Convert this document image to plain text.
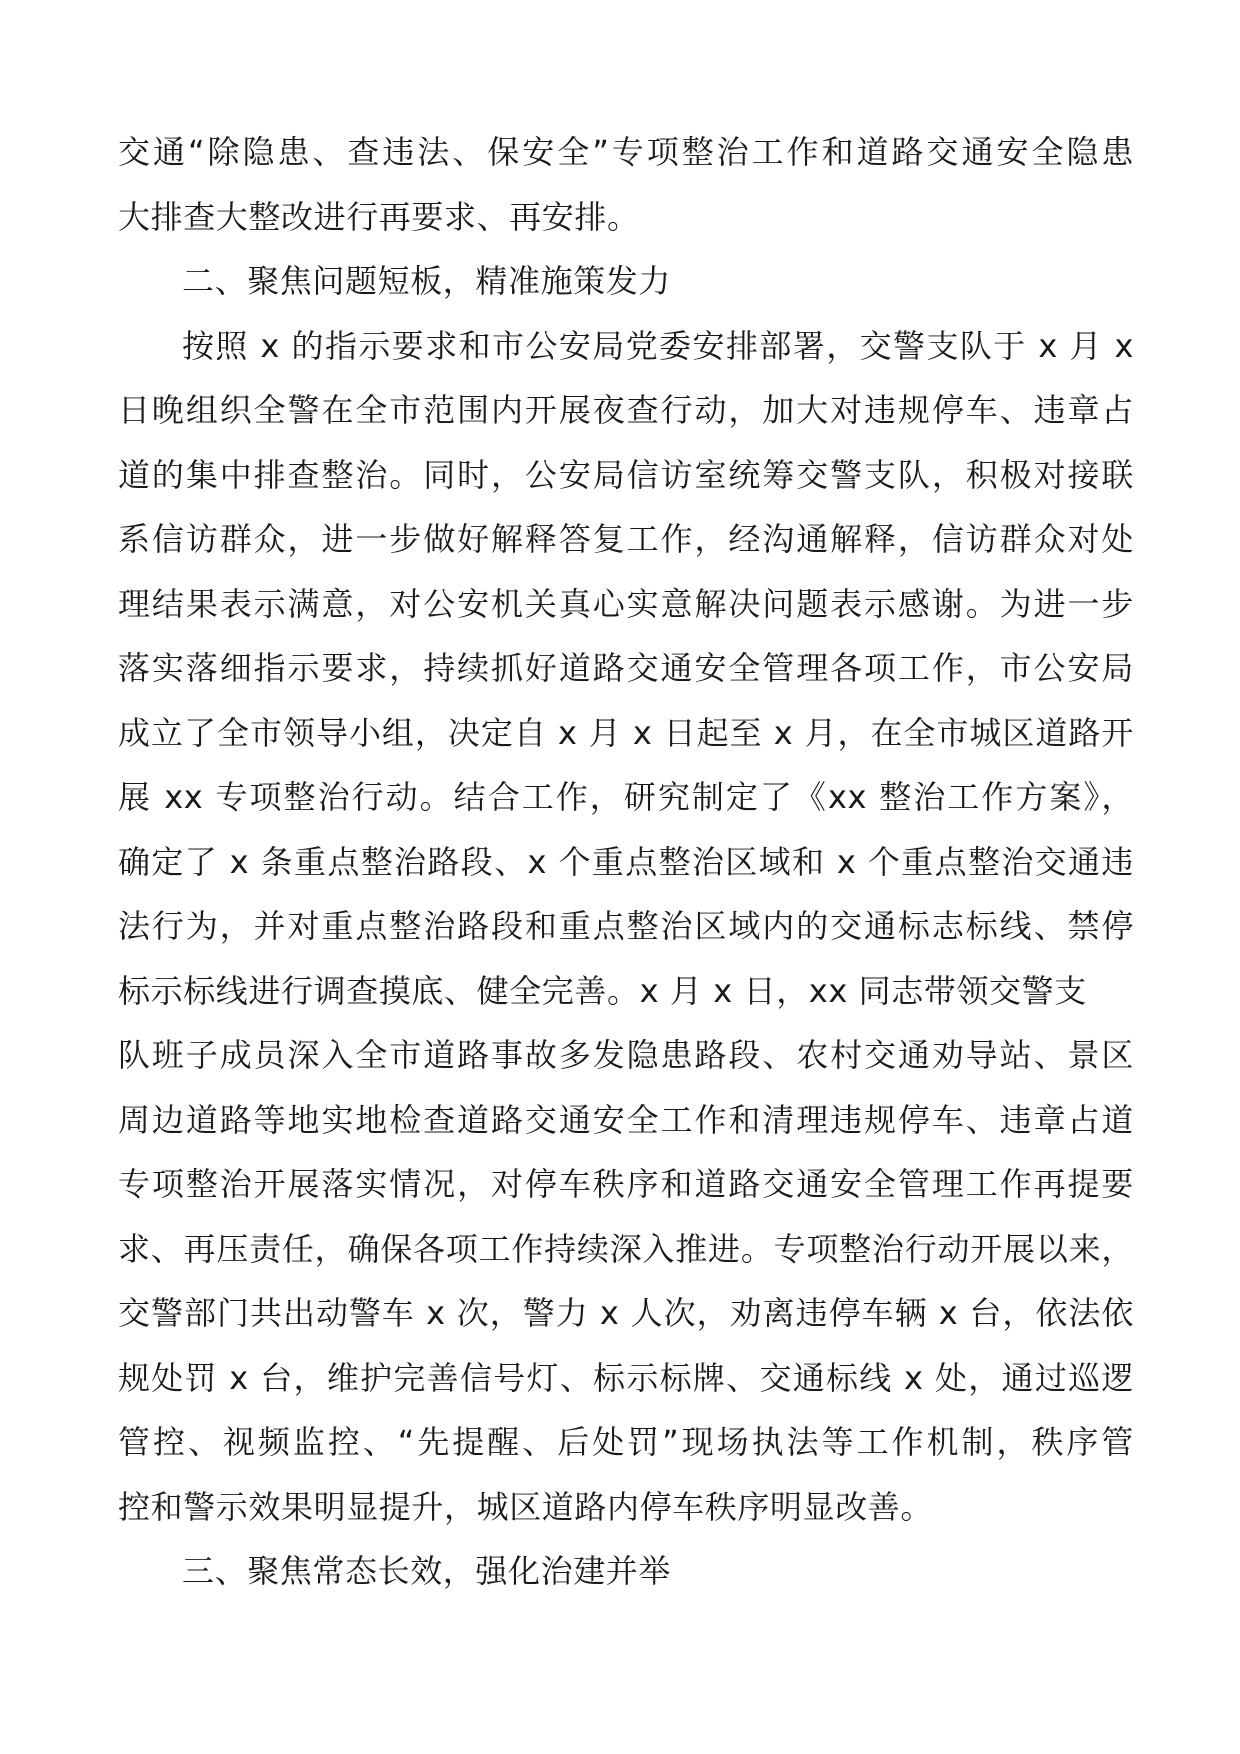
交通“除隐患、查违法、保安全”专项整治工作和道路交通安全隐患
大排查大整改进行再要求、再安排。
二、聚焦问题短板，精准施策发力
按照 x 的指示要求和市公安局党委安排部署，交警支队于 x 月 x
日晚组织全警在全市范围内开展夜查行动，加大对违规停车、违章占
道的集中排查整治。同时，公安局信访室统筹交警支队，积极对接联
系信访群众，进一步做好解释答复工作，经沟通解释，信访群众对处
理结果表示满意，对公安机关真心实意解决问题表示感谢。为进一步
落实落细指示要求，持续抓好道路交通安全管理各项工作，市公安局
成立了全市领导小组，决定自 x 月 x 日起至 x 月，在全市城区道路开
展 xx 专项整治行动。结合工作，研究制定了《xx 整治工作方案》，
确定了 x 条重点整治路段、x 个重点整治区域和 x 个重点整治交通违
法行为，并对重点整治路段和重点整治区域内的交通标志标线、禁停
标示标线进行调查摸底、健全完善。x 月 x 日，xx 同志带领交警支
队班子成员深入全市道路事故多发隐患路段、农村交通劝导站、景区
周边道路等地实地检查道路交通安全工作和清理违规停车、违章占道
专项整治开展落实情况，对停车秩序和道路交通安全管理工作再提要
求、再压责任，确保各项工作持续深入推进。专项整治行动开展以来，
交警部门共出动警车 x 次，警力 x 人次，劝离违停车辆 x 台，依法依
规处罚 x 台，维护完善信号灯、标示标牌、交通标线 x 处，通过巡逻
管控、视频监控、“先提醒、后处罚”现场执法等工作机制，秩序管
控和警示效果明显提升，城区道路内停车秩序明显改善。
三、聚焦常态长效，强化治建并举
